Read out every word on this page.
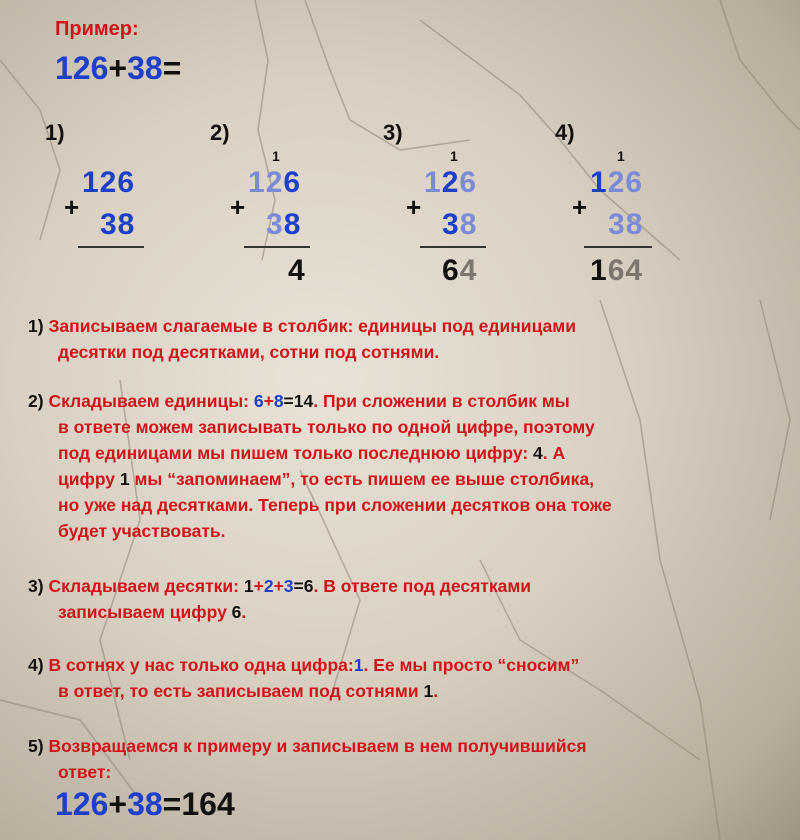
Пример:
126+38=
1)
126
+
38
2)
1
126
+
38
4
3)
1
126
+
38
64
4)
1
126
+
38
164
1) Записываем слагаемые в столбик: единицы под единицами
десятки под десятками, сотни под сотнями.
2) Складываем единицы: 6+8=14. При сложении в столбик мы
в ответе можем записывать только по одной цифре, поэтому
под единицами мы пишем только последнюю цифру: 4. А
цифру 1 мы “запоминаем”, то есть пишем ее выше столбика,
но уже над десятками. Теперь при сложении десятков она тоже
будет участвовать.
3) Складываем десятки: 1+2+3=6. В ответе под десятками
записываем цифру 6.
4) В сотнях у нас только одна цифра:1. Ее мы просто “сносим”
в ответ, то есть записываем под сотнями 1.
5) Возвращаемся к примеру и записываем в нем получившийся
ответ:
126+38=164
